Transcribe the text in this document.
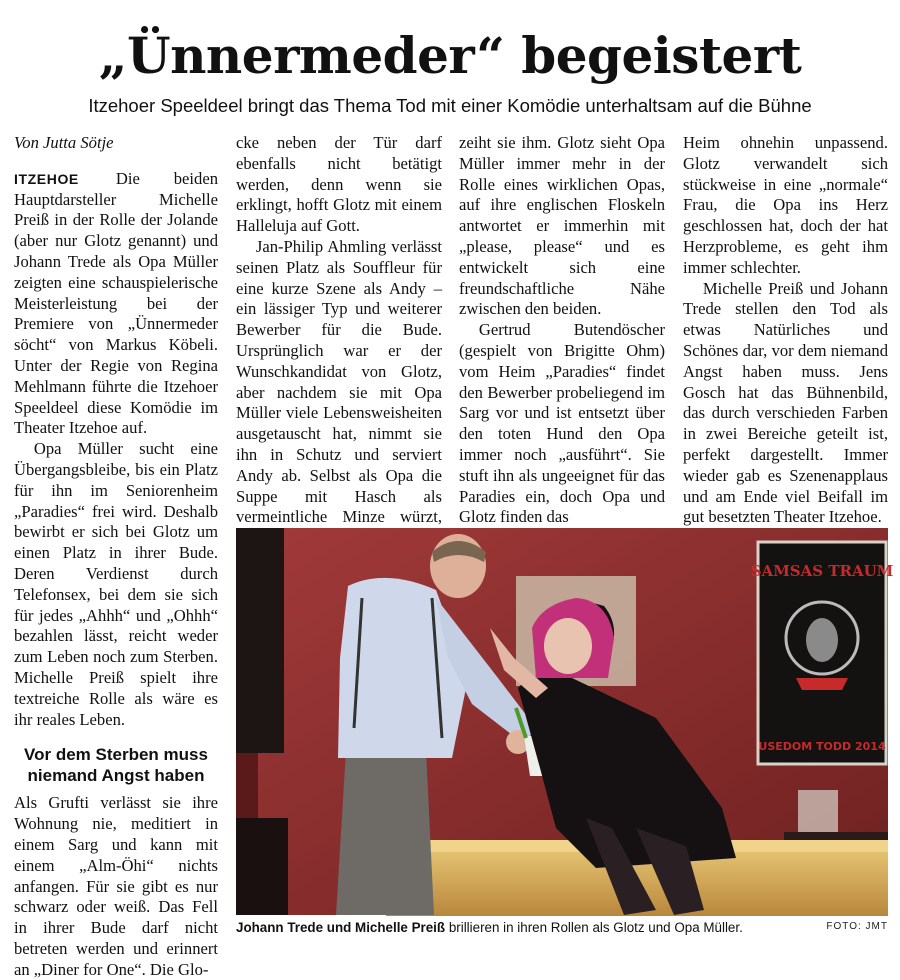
„Ünnermeder“ begeistert
Itzehoer Speeldeel bringt das Thema Tod mit einer Komödie unterhaltsam auf die Bühne
Von Jutta Sötje

ITZEHOE Die beiden Hauptdarsteller Michelle Preiß in der Rolle der Jolande (aber nur Glotz genannt) und Johann Trede als Opa Müller zeigten eine schauspielerische Meisterleistung bei der Premiere von „Ünnermeder söcht“ von Markus Köbeli. Unter der Regie von Regina Mehlmann führte die Itzehoer Speeldeel diese Komödie im Theater Itzehoe auf.

Opa Müller sucht eine Übergangsbleibe, bis ein Platz für ihn im Seniorenheim „Paradies“ frei wird. Deshalb bewirbt er sich bei Glotz um einen Platz in ihrer Bude. Deren Verdienst durch Telefonsex, bei dem sie sich für jedes „Ahhh“ und „Ohhh“ bezahlen lässt, reicht weder zum Leben noch zum Sterben. Michelle Preiß spielt ihre textreiche Rolle als wäre es ihr reales Leben.

Vor dem Sterben muss niemand Angst haben

Als Grufti verlässt sie ihre Wohnung nie, meditiert in einem Sarg und kann mit einem „Alm-Öhi“ nichts anfangen. Für sie gibt es nur schwarz oder weiß. Das Fell in ihrer Bude darf nicht betreten werden und erinnert an „Diner for One“. Die Glo-

cke neben der Tür darf ebenfalls nicht betätigt werden, denn wenn sie erklingt, hofft Glotz mit einem Halleluja auf Gott.

Jan-Philip Ahmling verlässt seinen Platz als Souffleur für eine kurze Szene als Andy – ein lässiger Typ und weiterer Bewerber für die Bude. Ursprünglich war er der Wunschkandidat von Glotz, aber nachdem sie mit Opa Müller viele Lebensweisheiten ausgetauscht hat, nimmt sie ihn in Schutz und serviert Andy ab. Selbst als Opa die Suppe mit Hasch als vermeintliche Minze würzt,

zeiht sie ihm. Glotz sieht Opa Müller immer mehr in der Rolle eines wirklichen Opas, auf ihre englischen Floskeln antwortet er immerhin mit „please, please“ und es entwickelt sich eine freundschaftliche Nähe zwischen den beiden.

Gertrud Butendöscher (gespielt von Brigitte Ohm) vom Heim „Paradies“ findet den Bewerber probeliegend im Sarg vor und ist entsetzt über den toten Hund den Opa immer noch „ausführt“. Sie stuft ihn als ungeeignet für das Paradies ein, doch Opa und Glotz finden das

Heim ohnehin unpassend. Glotz verwandelt sich stückweise in eine „normale“ Frau, die Opa ins Herz geschlossen hat, doch der hat Herzprobleme, es geht ihm immer schlechter.

Michelle Preiß und Johann Trede stellen den Tod als etwas Natürliches und Schönes dar, vor dem niemand Angst haben muss. Jens Gosch hat das Bühnenbild, das durch verschieden Farben in zwei Bereiche geteilt ist, perfekt dargestellt. Immer wieder gab es Szenenapplaus und am Ende viel Beifall im gut besetzten Theater Itzehoe.

SAMSAS TRAUM
USEDOM TODD 2014
Johann Trede und Michelle Preiß brillieren in ihren Rollen als Glotz und Opa Müller.	FOTO: JMT
